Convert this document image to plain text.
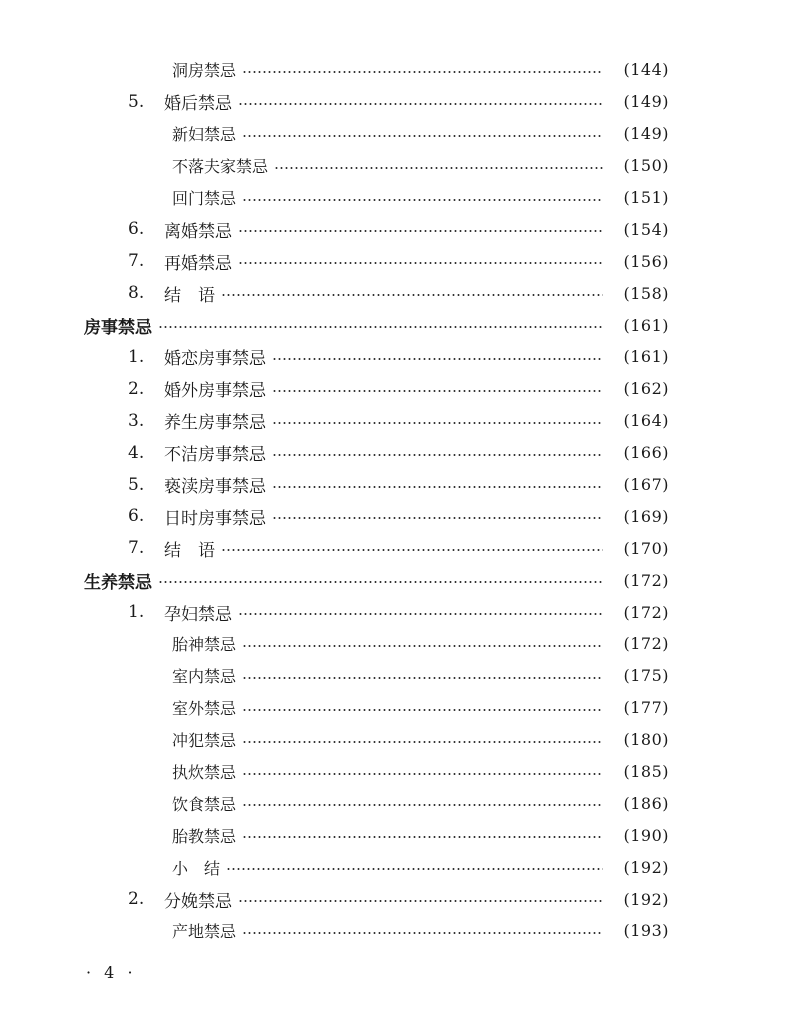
洞房禁忌	(144)
5.	婚后禁忌	(149)
新妇禁忌	(149)
不落夫家禁忌	(150)
回门禁忌	(151)
6.	离婚禁忌	(154)
7.	再婚禁忌	(156)
8.	结　语	(158)
房事禁忌	(161)
1.	婚恋房事禁忌	(161)
2.	婚外房事禁忌	(162)
3.	养生房事禁忌	(164)
4.	不洁房事禁忌	(166)
5.	亵渎房事禁忌	(167)
6.	日时房事禁忌	(169)
7.	结　语	(170)
生养禁忌	(172)
1.	孕妇禁忌	(172)
胎神禁忌	(172)
室内禁忌	(175)
室外禁忌	(177)
冲犯禁忌	(180)
执炊禁忌	(185)
饮食禁忌	(186)
胎教禁忌	(190)
小　结	(192)
2.	分娩禁忌	(192)
产地禁忌	(193)
· 4 ·
